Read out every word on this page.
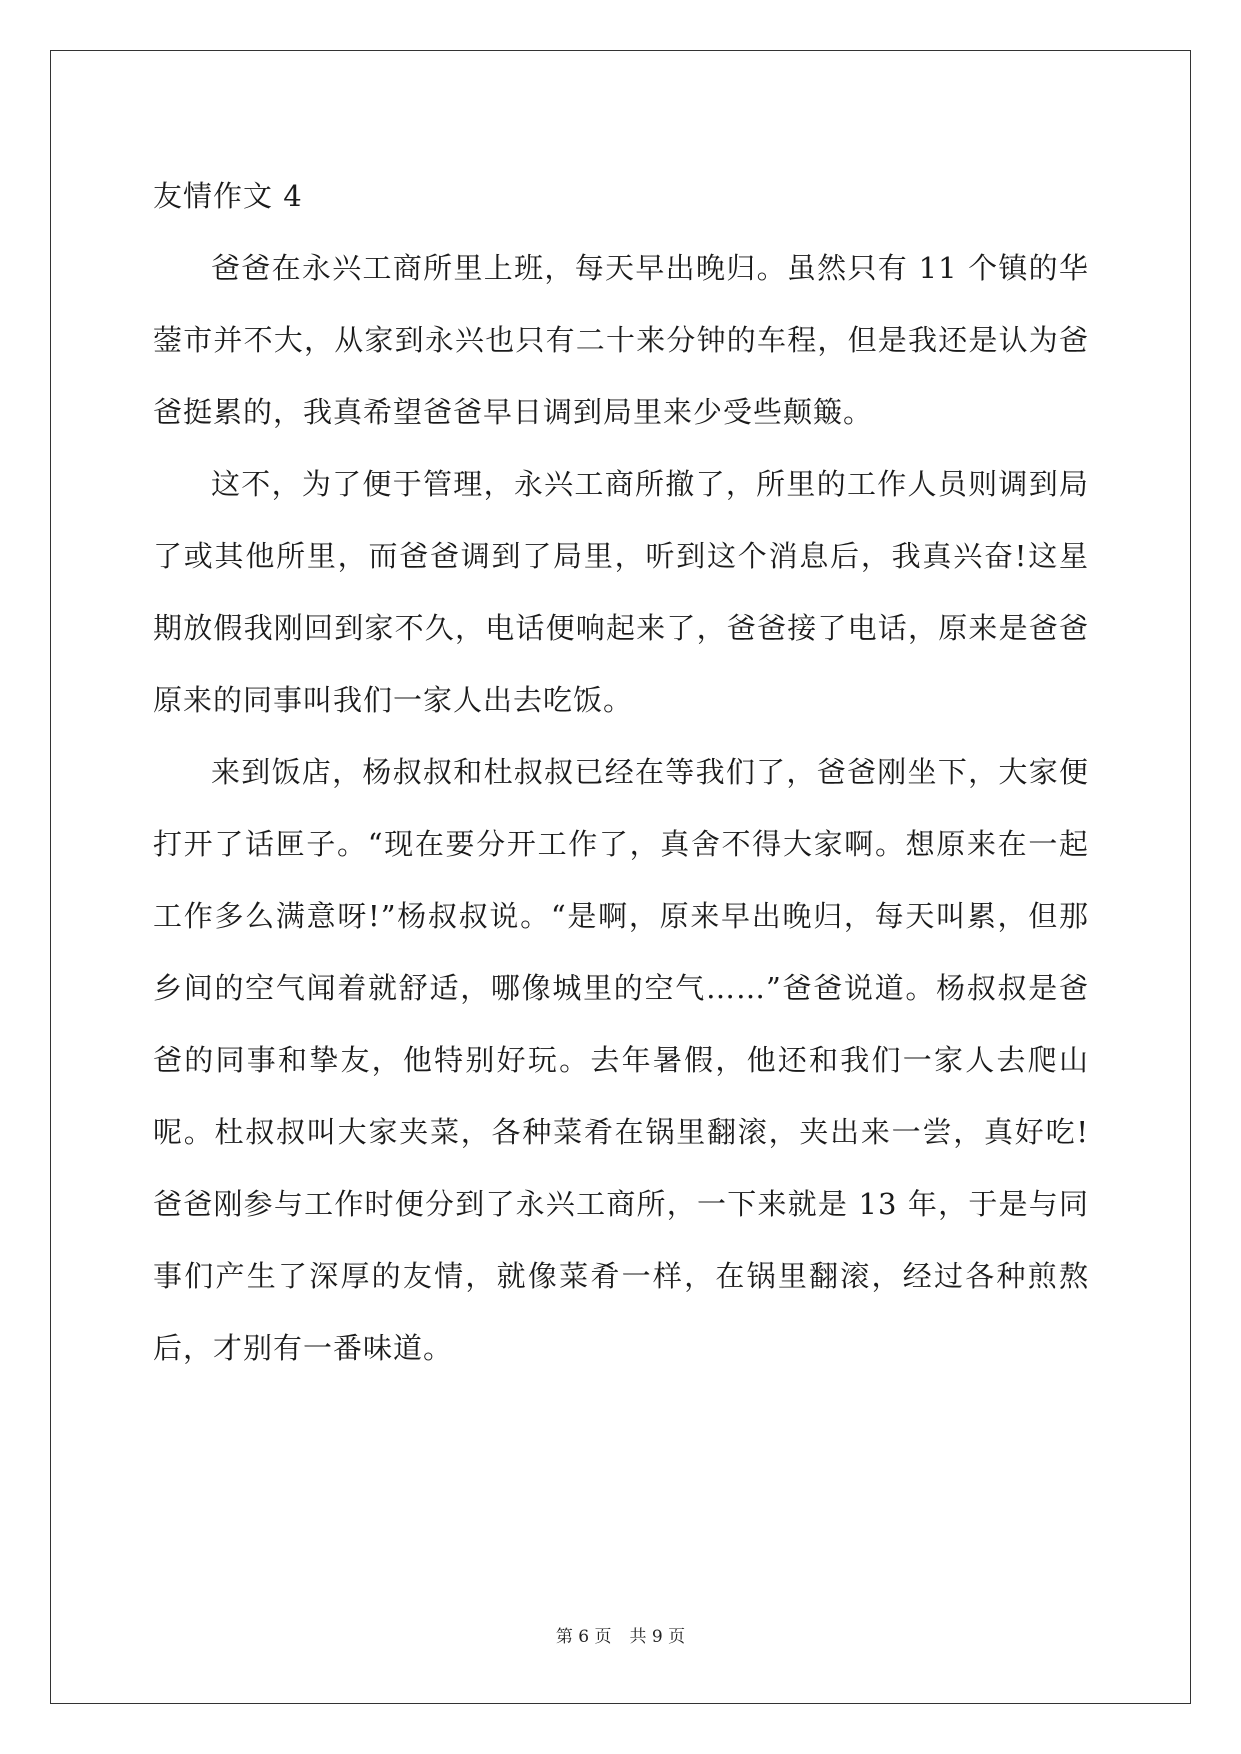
友情作文 4

爸爸在永兴工商所里上班，每天早出晚归。虽然只有 11 个镇的华蓥市并不大，从家到永兴也只有二十来分钟的车程，但是我还是认为爸爸挺累的，我真希望爸爸早日调到局里来少受些颠簸。

这不，为了便于管理，永兴工商所撤了，所里的工作人员则调到局了或其他所里，而爸爸调到了局里，听到这个消息后，我真兴奋!这星期放假我刚回到家不久，电话便响起来了，爸爸接了电话，原来是爸爸原来的同事叫我们一家人出去吃饭。

来到饭店，杨叔叔和杜叔叔已经在等我们了，爸爸刚坐下，大家便打开了话匣子。“现在要分开工作了，真舍不得大家啊。想原来在一起工作多么满意呀!”杨叔叔说。“是啊，原来早出晚归，每天叫累，但那乡间的空气闻着就舒适，哪像城里的空气……”爸爸说道。杨叔叔是爸爸的同事和挚友，他特别好玩。去年暑假，他还和我们一家人去爬山呢。杜叔叔叫大家夹菜，各种菜肴在锅里翻滚，夹出来一尝，真好吃!爸爸刚参与工作时便分到了永兴工商所，一下来就是 13 年，于是与同事们产生了深厚的友情，就像菜肴一样，在锅里翻滚，经过各种煎熬后，才别有一番味道。

第 6 页 共 9 页
